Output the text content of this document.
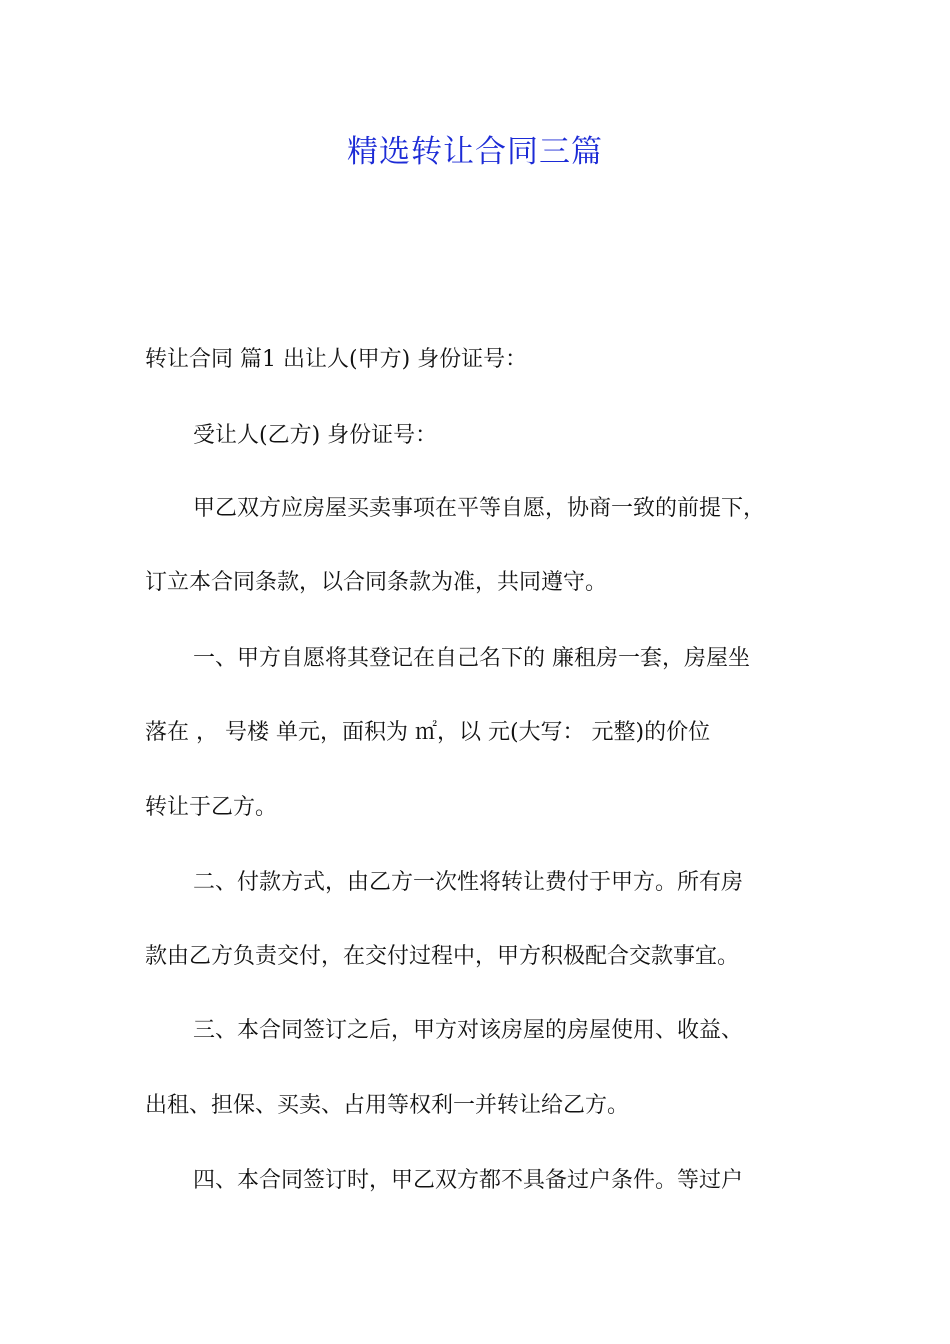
精选转让合同三篇
转让合同 篇1 出让人(甲方) 身份证号：
受让人(乙方) 身份证号：
甲乙双方应房屋买卖事项在平等自愿，协商一致的前提下，
订立本合同条款，以合同条款为准，共同遵守。
一、甲方自愿将其登记在自己名下的 廉租房一套，房屋坐
落在 ， 号楼 单元，面积为 ㎡，以 元(大写： 元整)的价位
转让于乙方。
二、付款方式，由乙方一次性将转让费付于甲方。所有房
款由乙方负责交付，在交付过程中，甲方积极配合交款事宜。
三、本合同签订之后，甲方对该房屋的房屋使用、收益、
出租、担保、买卖、占用等权利一并转让给乙方。
四、本合同签订时，甲乙双方都不具备过户条件。等过户
